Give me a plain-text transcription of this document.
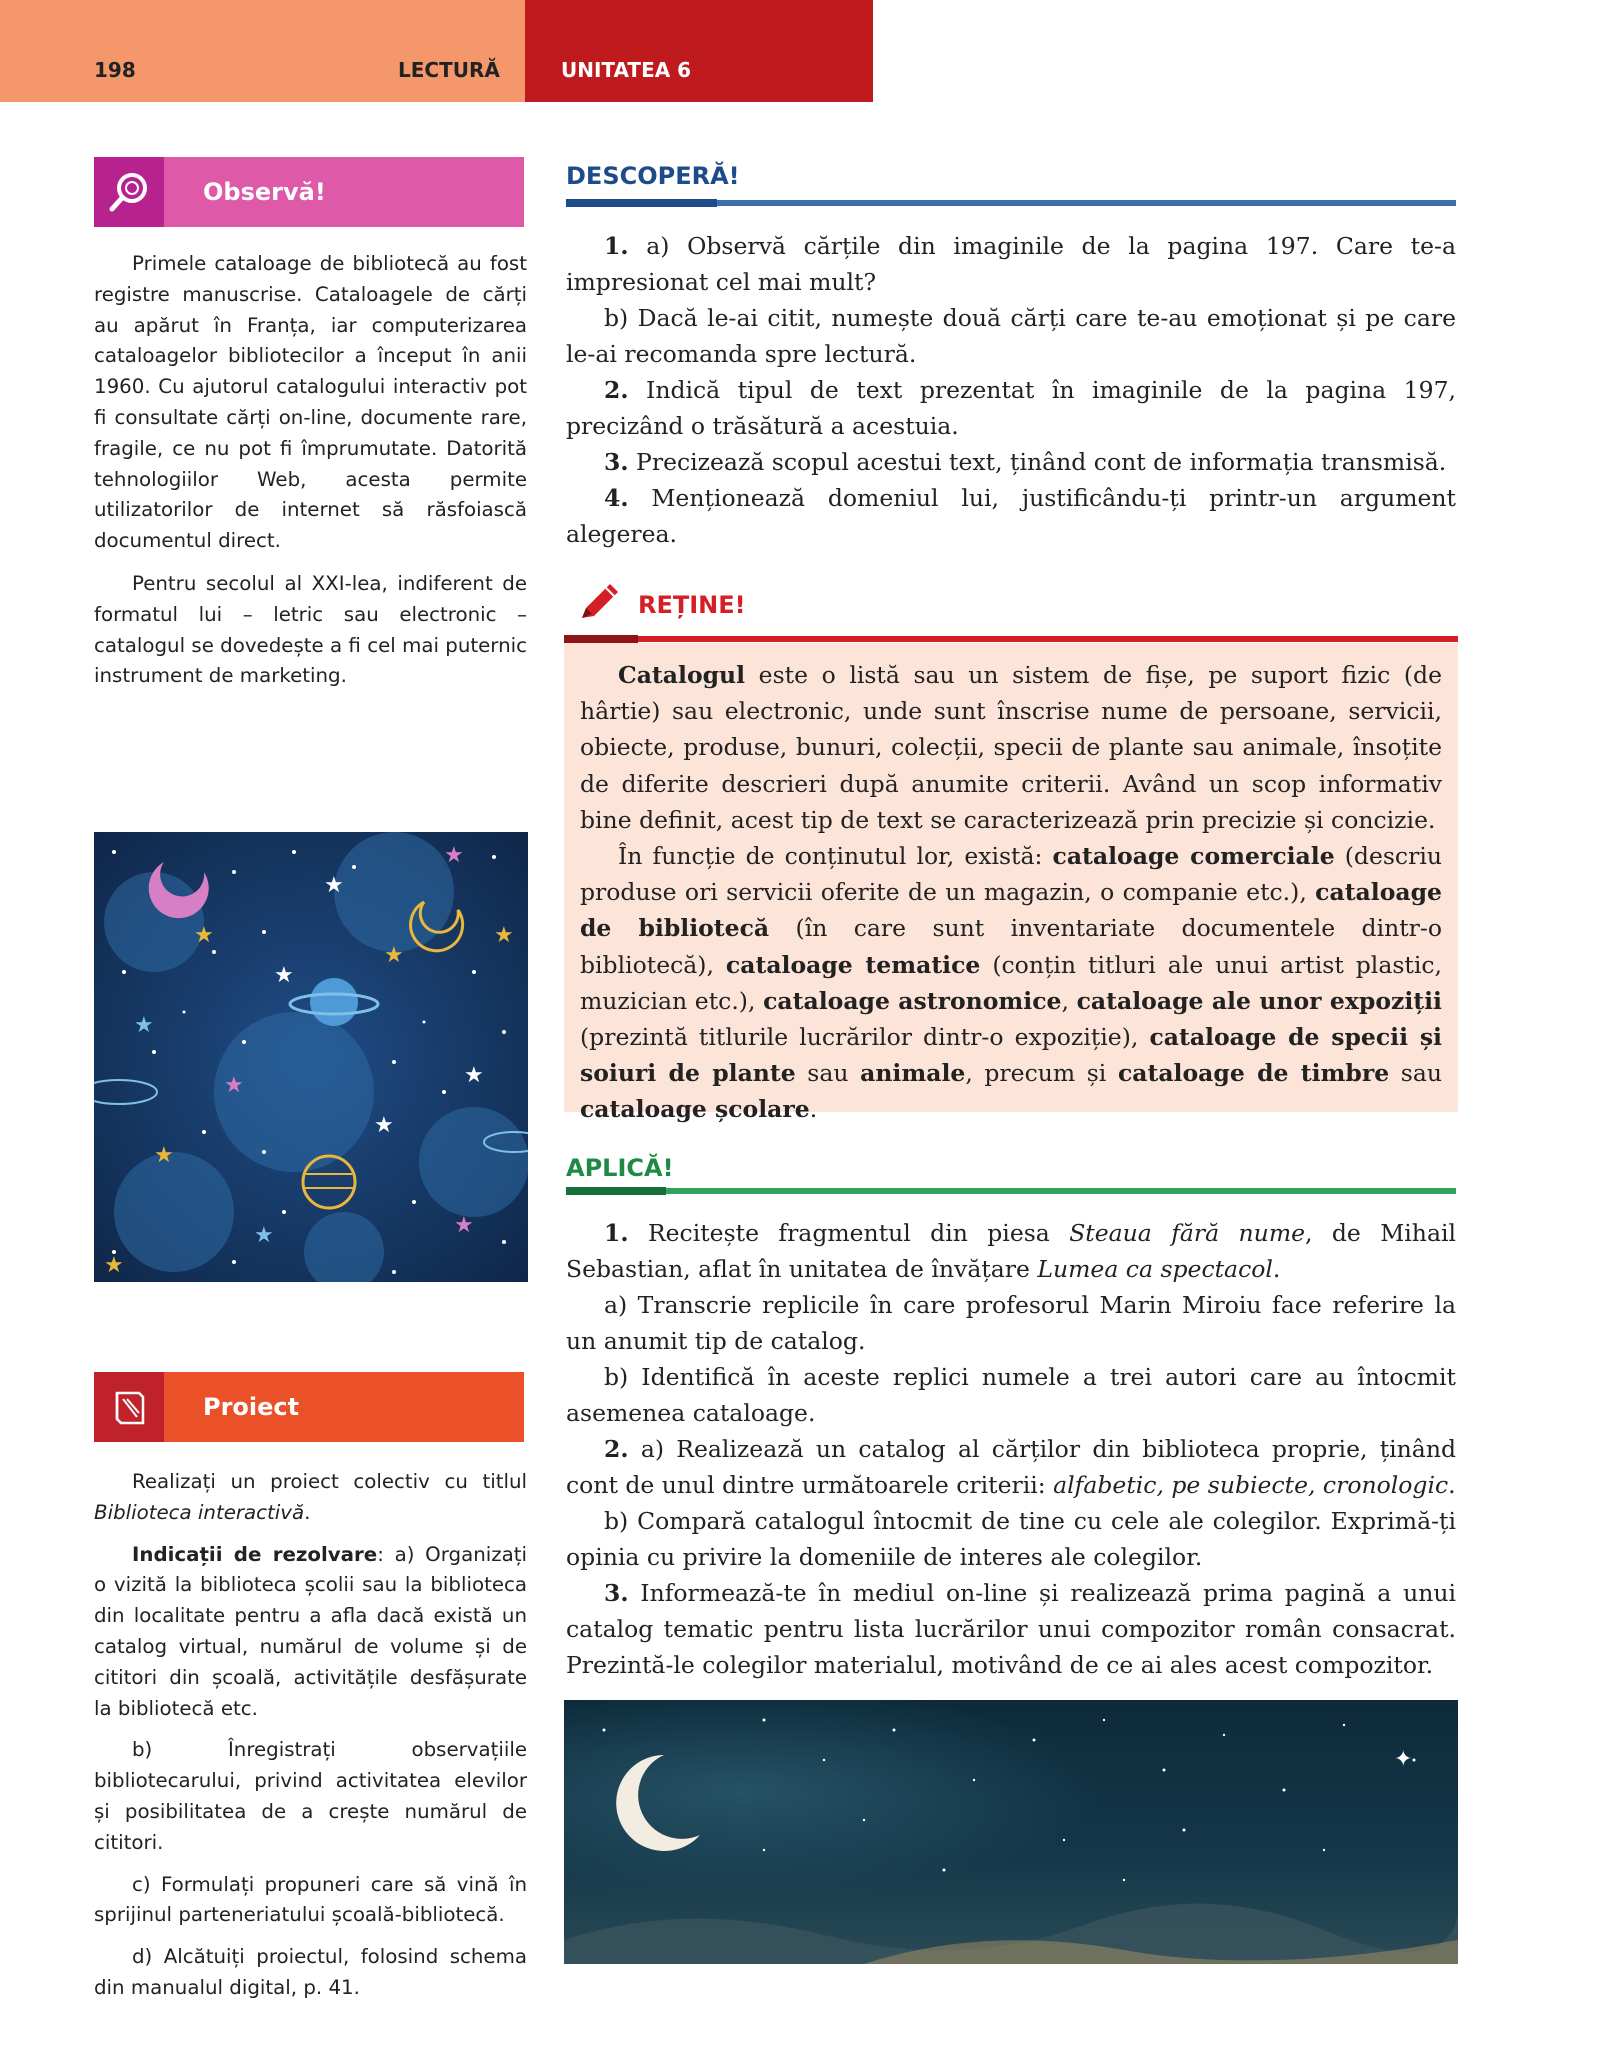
198	LECTURĂ	UNITATEA 6
Observă!

Primele cataloage de bibliotecă au fost registre manuscrise. Cataloagele de cărți au apărut în Franța, iar computerizarea cataloagelor bibliotecilor a început în anii 1960. Cu ajutorul catalogului interactiv pot fi consultate cărți on-line, documente rare, fragile, ce nu pot fi împrumutate. Datorită tehnologiilor Web, acesta permite utilizatorilor de internet să răsfoiască documentul direct.

Pentru secolul al XXI-lea, indiferent de formatul lui – letric sau electronic – catalogul se dovedește a fi cel mai puternic instrument de marketing.

★
★
★
★
★
★
★
★
★
★
★
★
★
★
Proiect

Realizați un proiect colectiv cu titlul Biblioteca interactivă.

Indicații de rezolvare: a) Organizați o vizită la biblioteca școlii sau la biblioteca din localitate pentru a afla dacă există un catalog virtual, numărul de volume și de cititori din școală, activitățile desfășurate la bibliotecă etc.

b) Înregistrați observațiile bibliotecarului, privind activitatea elevilor și posibilitatea de a crește numărul de cititori.

c) Formulați propuneri care să vină în sprijinul parteneriatului școală-bibliotecă.

d) Alcătuiți proiectul, folosind schema din manualul digital, p. 41.

DESCOPERĂ!

1. a) Observă cărțile din imaginile de la pagina 197. Care te-a impresionat cel mai mult?

b) Dacă le-ai citit, numește două cărți care te-au emoționat și pe care le-ai recomanda spre lectură.

2. Indică tipul de text prezentat în imaginile de la pagina 197, precizând o trăsătură a acestuia.

3. Precizează scopul acestui text, ținând cont de informația transmisă.

4. Menționează domeniul lui, justificându-ți printr-un argument alegerea.

REȚINE!

Catalogul este o listă sau un sistem de fișe, pe suport fizic (de hârtie) sau electronic, unde sunt înscrise nume de persoane, servicii, obiecte, produse, bunuri, colecții, specii de plante sau animale, însoțite de diferite descrieri după anumite criterii. Având un scop informativ bine definit, acest tip de text se caracterizează prin precizie și concizie.

În funcție de conținutul lor, există: cataloage comerciale (descriu produse ori servicii oferite de un magazin, o companie etc.), cataloage de bibliotecă (în care sunt inventariate documentele dintr-o bibliotecă), cataloage tematice (conțin titluri ale unui artist plastic, muzician etc.), cataloage astronomice, cataloage ale unor expoziții (prezintă titlurile lucrărilor dintr-o expoziție), cataloage de specii și soiuri de plante sau animale, precum și cataloage de timbre sau cataloage școlare.

APLICĂ!

1. Recitește fragmentul din piesa Steaua fără nume, de Mihail Sebastian, aflat în unitatea de învățare Lumea ca spectacol.

a) Transcrie replicile în care profesorul Marin Miroiu face referire la un anumit tip de catalog.

b) Identifică în aceste replici numele a trei autori care au întocmit asemenea cataloage.

2. a) Realizează un catalog al cărților din biblioteca proprie, ținând cont de unul dintre următoarele criterii: alfabetic, pe subiecte, cronologic.

b) Compară catalogul întocmit de tine cu cele ale colegilor. Exprimă-ți opinia cu privire la domeniile de interes ale colegilor.

3. Informează-te în mediul on-line și realizează prima pagină a unui catalog tematic pentru lista lucrărilor unui compozitor român consacrat. Prezintă-le colegilor materialul, motivând de ce ai ales acest compozitor.

✦
